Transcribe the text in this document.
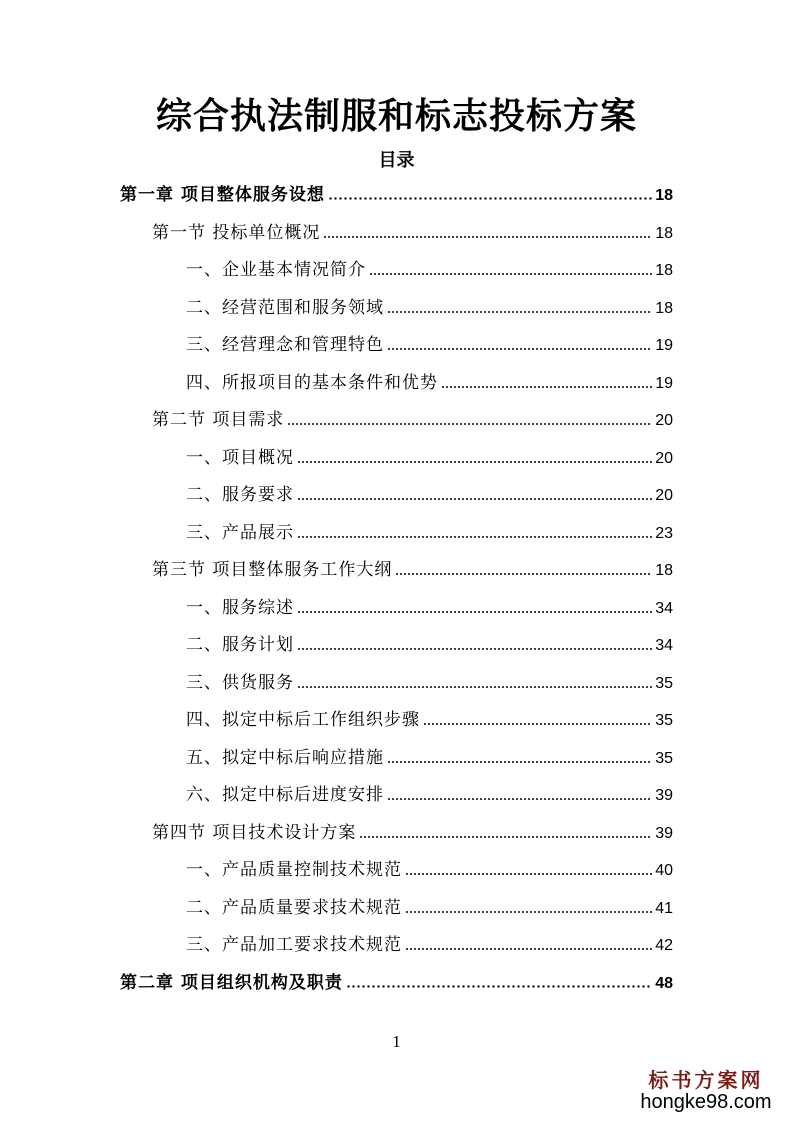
综合执法制服和标志投标方案
目录
第一章 项目整体服务设想	18
第一节 投标单位概况	18
一、企业基本情况简介	18
二、经营范围和服务领域	18
三、经营理念和管理特色	19
四、所报项目的基本条件和优势	19
第二节 项目需求	20
一、项目概况	20
二、服务要求	20
三、产品展示	23
第三节 项目整体服务工作大纲	18
一、服务综述	34
二、服务计划	34
三、供货服务	35
四、拟定中标后工作组织步骤	35
五、拟定中标后响应措施	35
六、拟定中标后进度安排	39
第四节 项目技术设计方案	39
一、产品质量控制技术规范	40
二、产品质量要求技术规范	41
三、产品加工要求技术规范	42
第二章 项目组织机构及职责	48
1
标书方案网
hongke98.com
